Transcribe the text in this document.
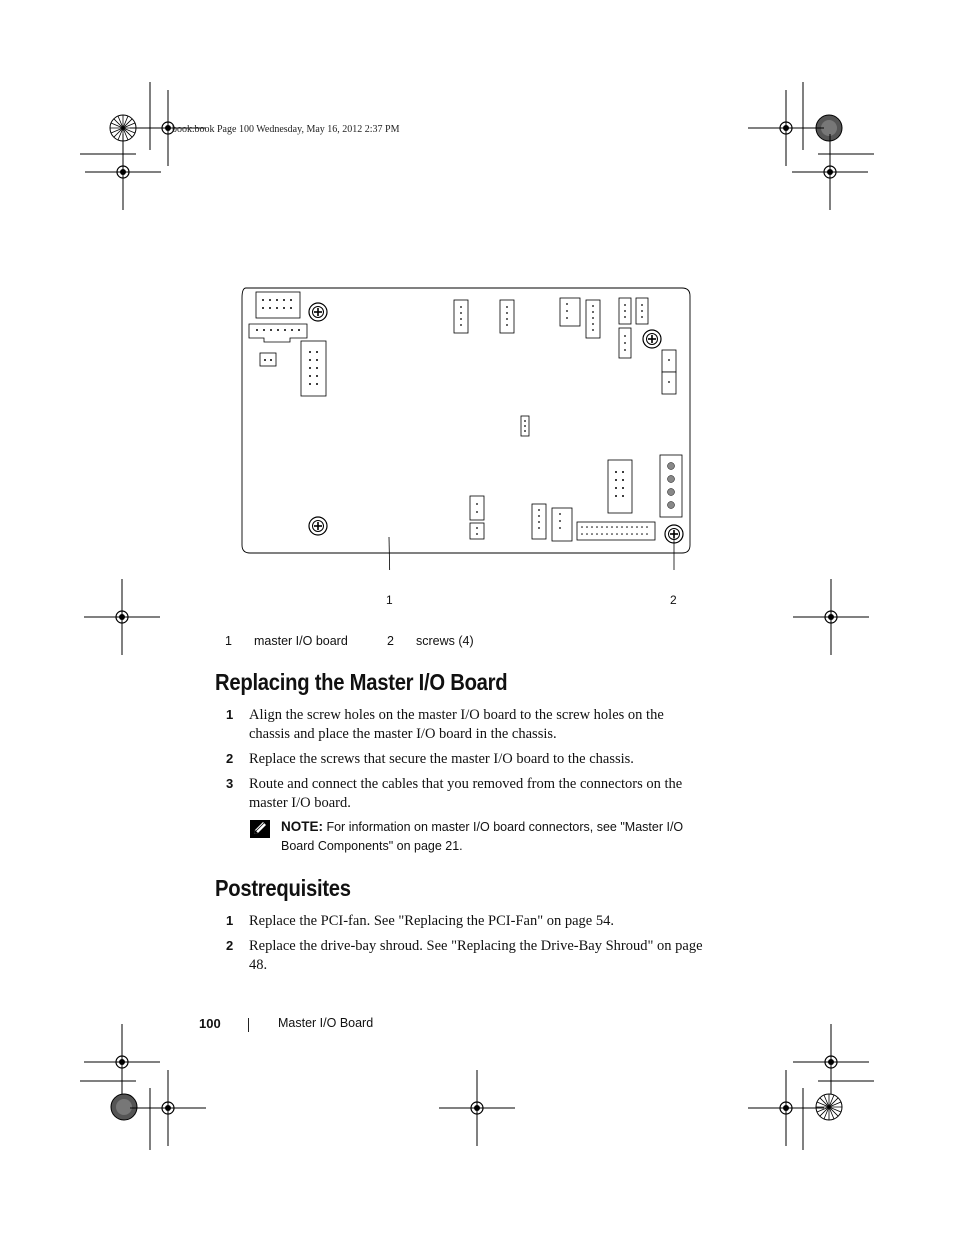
book.book Page 100 Wednesday, May 16, 2012 2:37 PM
1	2
1 master I/O board	2 screws (4)
Replacing the Master I/O Board
1 Align the screw holes on the master I/O board to the screw holes on the chassis and place the master I/O board in the chassis.
2 Replace the screws that secure the master I/O board to the chassis.
3 Route and connect the cables that you removed from the connectors on the master I/O board.
NOTE: For information on master I/O board connectors, see "Master I/O Board Components" on page 21.
Postrequisites
1 Replace the PCI-fan. See "Replacing the PCI-Fan" on page 54.
2 Replace the drive-bay shroud. See "Replacing the Drive-Bay Shroud" on page 48.
100	Master I/O Board
